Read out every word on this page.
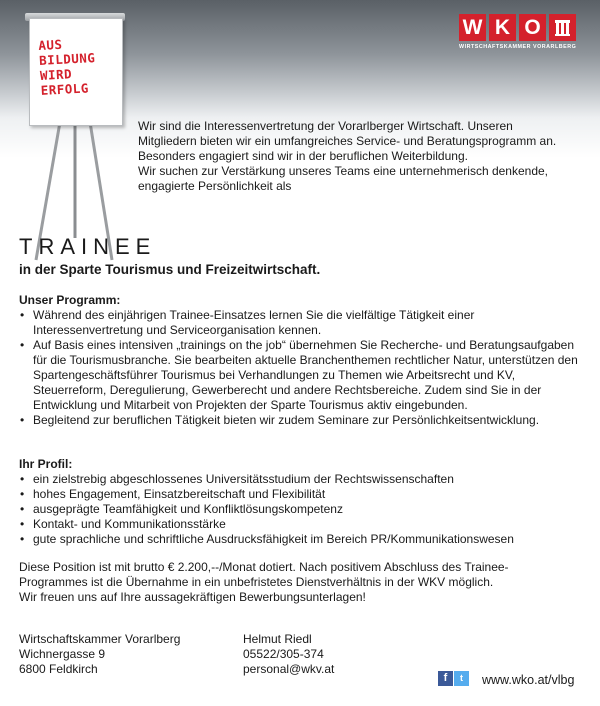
AUS
BILDUNG
WIRD
ERFOLG
W K O
WIRTSCHAFTSKAMMER VORARLBERG

Wir sind die Interessenvertretung der Vorarlberger Wirtschaft. Unseren

Mitgliedern bieten wir ein umfangreiches Service- und Beratungsprogramm an.

Besonders engagiert sind wir in der beruflichen Weiterbildung.

Wir suchen zur Verstärkung unseres Teams eine unternehmerisch denkende,

engagierte Persönlichkeit als

TRAINEE
in der Sparte Tourismus und Freizeitwirtschaft.
Unser Programm:
• Während des einjährigen Trainee-Einsatzes lernen Sie die vielfältige Tätigkeit einer Interessenvertretung und Serviceorganisation kennen.
• Auf Basis eines intensiven „trainings on the job“ übernehmen Sie Recherche- und Beratungsaufgaben für die Tourismusbranche. Sie bearbeiten aktuelle Branchenthemen rechtlicher Natur, unterstützen den Spartengeschäftsführer Tourismus bei Verhandlungen zu Themen wie Arbeitsrecht und KV, Steuerreform, Deregulierung, Gewerberecht und andere Rechtsbereiche. Zudem sind Sie in der Entwicklung und Mitarbeit von Projekten der Sparte Tourismus aktiv eingebunden.
• Begleitend zur beruflichen Tätigkeit bieten wir zudem Seminare zur Persönlichkeitsentwicklung.
Ihr Profil:
• ein zielstrebig abgeschlossenes Universitätsstudium der Rechtswissenschaften
• hohes Engagement, Einsatzbereitschaft und Flexibilität
• ausgeprägte Teamfähigkeit und Konfliktlösungskompetenz
• Kontakt- und Kommunikationsstärke
• gute sprachliche und schriftliche Ausdrucksfähigkeit im Bereich PR/Kommunikationswesen

Diese Position ist mit brutto € 2.200,--/Monat dotiert. Nach positivem Abschluss des Trainee-

Programmes ist die Übernahme in ein unbefristetes Dienstverhältnis in der WKV möglich.

Wir freuen uns auf Ihre aussagekräftigen Bewerbungsunterlagen!

Wirtschaftskammer Vorarlberg
Wichnergasse 9
6800 Feldkirch
Helmut Riedl
05522/305-374
personal@wkv.at
f	t	www.wko.at/vlbg
